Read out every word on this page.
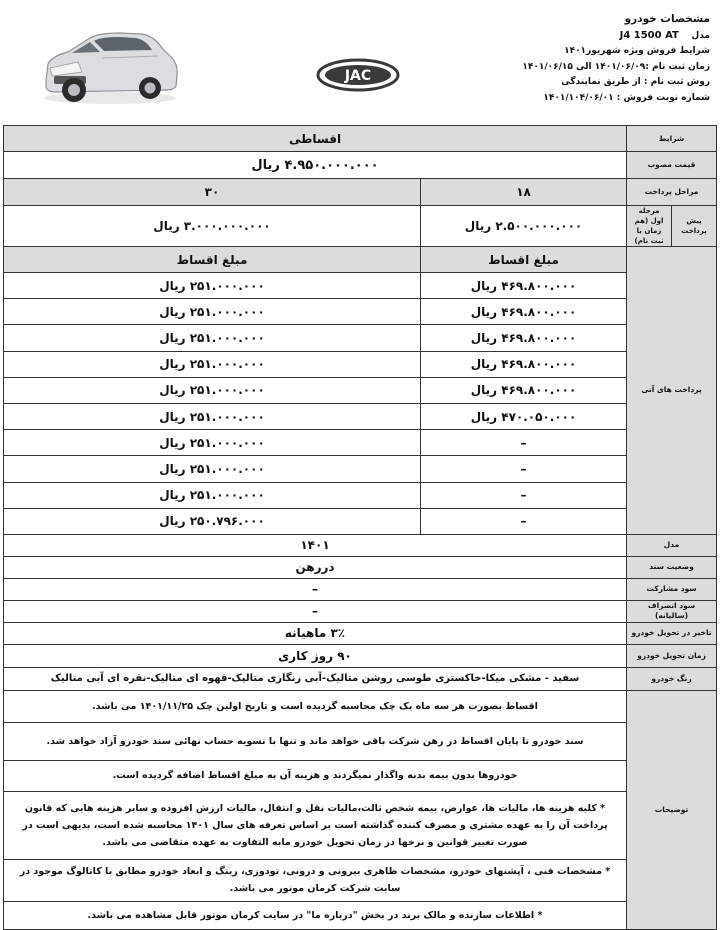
JAC
مشخصات خودرو
مدل    J4 1500 AT
شرایط فروش ویژه شهریور۱۴۰۱
زمان ثبت نام :۱۴۰۱/۰۶/۰۹ الی ۱۴۰۱/۰۶/۱۵
روش ثبت نام : از طریق نمایندگی
شماره نوبت فروش : ۱۴۰۱/۱۰۴/۰۶/۰۱
شرایط		اقساطی	
قیمت مصوب		۴.۹۵۰.۰۰۰.۰۰۰ ریال	
مراحل پرداخت		۱۸	۳۰
پیش پرداخت	مرحله اول (هم زمان با ثبت نام)	۲.۵۰۰.۰۰۰.۰۰۰ ریال	۳.۰۰۰.۰۰۰.۰۰۰ ریال
پرداخت های آتی		مبلغ اقساط	مبلغ اقساط
		۴۶۹.۸۰۰.۰۰۰ ریال	۲۵۱.۰۰۰.۰۰۰ ریال
		۴۶۹.۸۰۰.۰۰۰ ریال	۲۵۱.۰۰۰.۰۰۰ ریال
		۴۶۹.۸۰۰.۰۰۰ ریال	۲۵۱.۰۰۰.۰۰۰ ریال
		۴۶۹.۸۰۰.۰۰۰ ریال	۲۵۱.۰۰۰.۰۰۰ ریال
		۴۶۹.۸۰۰.۰۰۰ ریال	۲۵۱.۰۰۰.۰۰۰ ریال
		۴۷۰.۰۵۰.۰۰۰ ریال	۲۵۱.۰۰۰.۰۰۰ ریال
		–	۲۵۱.۰۰۰.۰۰۰ ریال
		–	۲۵۱.۰۰۰.۰۰۰ ریال
		–	۲۵۱.۰۰۰.۰۰۰ ریال
		–	۲۵۰.۷۹۶.۰۰۰ ریال
مدل		۱۴۰۱	
وضعیت سند		دررهن	
سود مشارکت		–	
سود انصراف (سالیانه)		–	
تاخیر در تحویل خودرو		۳٪ ماهیانه	
زمان تحویل خودرو		۹۰ روز کاری	
رنگ خودرو		سفید - مشکی میکا-خاکستری طوسی روشن متالیک-آبی زنگاری متالیک-قهوه ای متالیک-نقره ای آبی متالیک	
توضیحات		اقساط بصورت هر سه ماه یک چک محاسبه گردیده است و تاریخ اولین چک ۱۴۰۱/۱۱/۲۵ می باشد.	
		سند خودرو تا پایان اقساط در رهن شرکت باقی خواهد ماند و تنها با تسویه حساب نهائی سند خودرو آزاد خواهد شد.	
		خودروها بدون بیمه بدنه واگذار نمیگردند و هزینه آن به مبلغ اقساط اضافه گردیده است.	
		* کلیه هزینه ها، مالیات ها، عوارض، بیمه شخص ثالث،مالیات نقل و انتقال، مالیات ارزش افزوده و سایر هزینه هایی که قانون پرداخت آن را به عهده مشتری و مصرف کننده گذاشته است بر اساس تعرفه های سال ۱۴۰۱ محاسبه شده است، بدیهی است در صورت تغییر قوانین و نرخها در زمان تحویل خودرو مابه التفاوت به عهده متقاضی می باشد.	
		* مشخصات فنی ، آپشنهای خودرو، مشخصات ظاهری بیرونی و درونی، تودوزی، رینگ و ابعاد خودرو مطابق با کاتالوگ موجود در سایت شرکت کرمان موتور می باشد.	
		* اطلاعات سازنده و مالک برند در بخش "درباره ما" در سایت کرمان موتور قابل مشاهده می باشد.	
